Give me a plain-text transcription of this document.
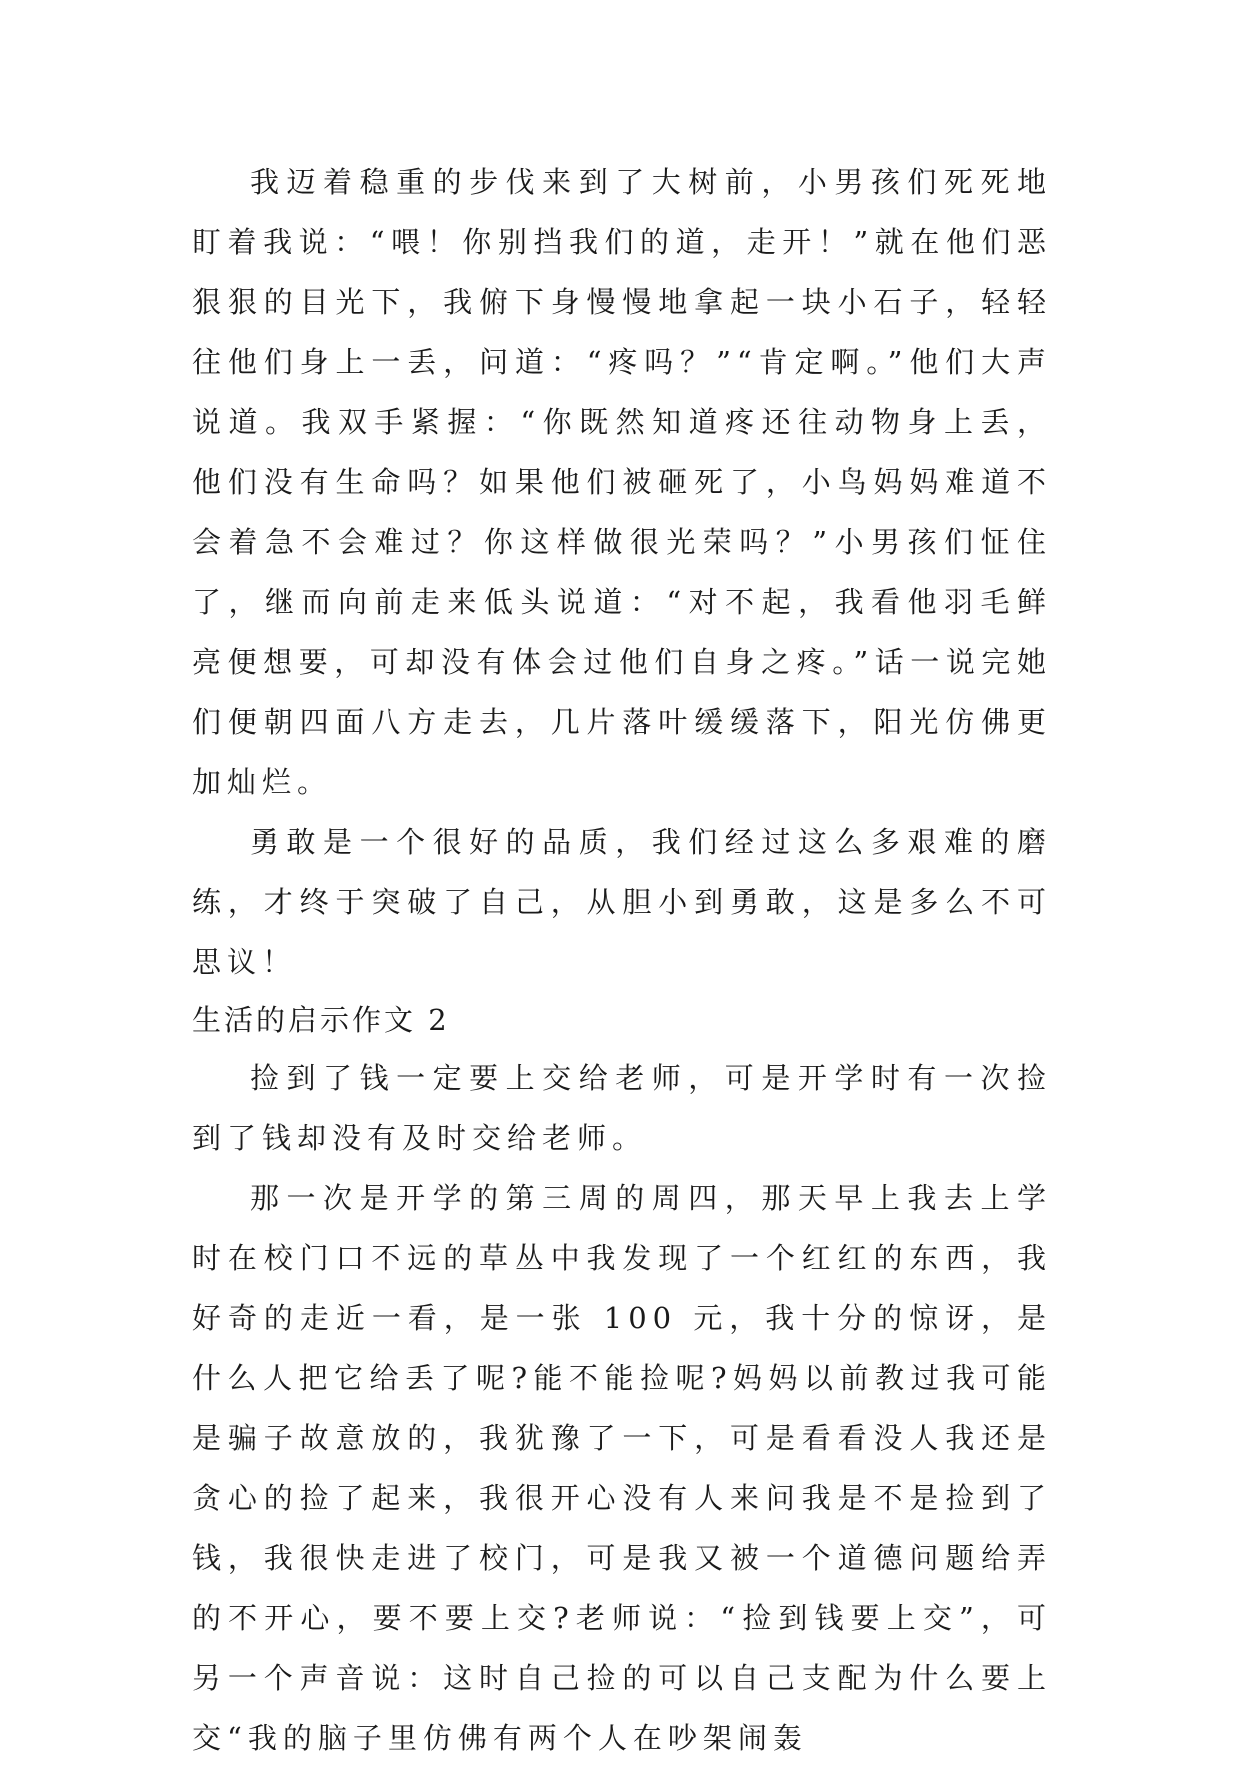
我迈着稳重的步伐来到了大树前，小男孩们死死地盯着我说：“喂！你别挡我们的道，走开！”就在他们恶狠狠的目光下，我俯下身慢慢地拿起一块小石子，轻轻往他们身上一丢，问道：“疼吗？”“肯定啊。”他们大声说道。我双手紧握：“你既然知道疼还往动物身上丢，他们没有生命吗？如果他们被砸死了，小鸟妈妈难道不会着急不会难过？你这样做很光荣吗？”小男孩们怔住了，继而向前走来低头说道：“对不起，我看他羽毛鲜亮便想要，可却没有体会过他们自身之疼。”话一说完她们便朝四面八方走去，几片落叶缓缓落下，阳光仿佛更加灿烂。

勇敢是一个很好的品质，我们经过这么多艰难的磨练，才终于突破了自己，从胆小到勇敢，这是多么不可思议！

生活的启示作文 2

捡到了钱一定要上交给老师，可是开学时有一次捡到了钱却没有及时交给老师。

那一次是开学的第三周的周四，那天早上我去上学时在校门口不远的草丛中我发现了一个红红的东西，我好奇的走近一看，是一张 100 元，我十分的惊讶，是什么人把它给丢了呢?能不能捡呢?妈妈以前教过我可能是骗子故意放的，我犹豫了一下，可是看看没人我还是贪心的捡了起来，我很开心没有人来问我是不是捡到了钱，我很快走进了校门，可是我又被一个道德问题给弄的不开心，要不要上交?老师说：“捡到钱要上交”，可另一个声音说：这时自己捡的可以自己支配为什么要上交“我的脑子里仿佛有两个人在吵架闹轰
